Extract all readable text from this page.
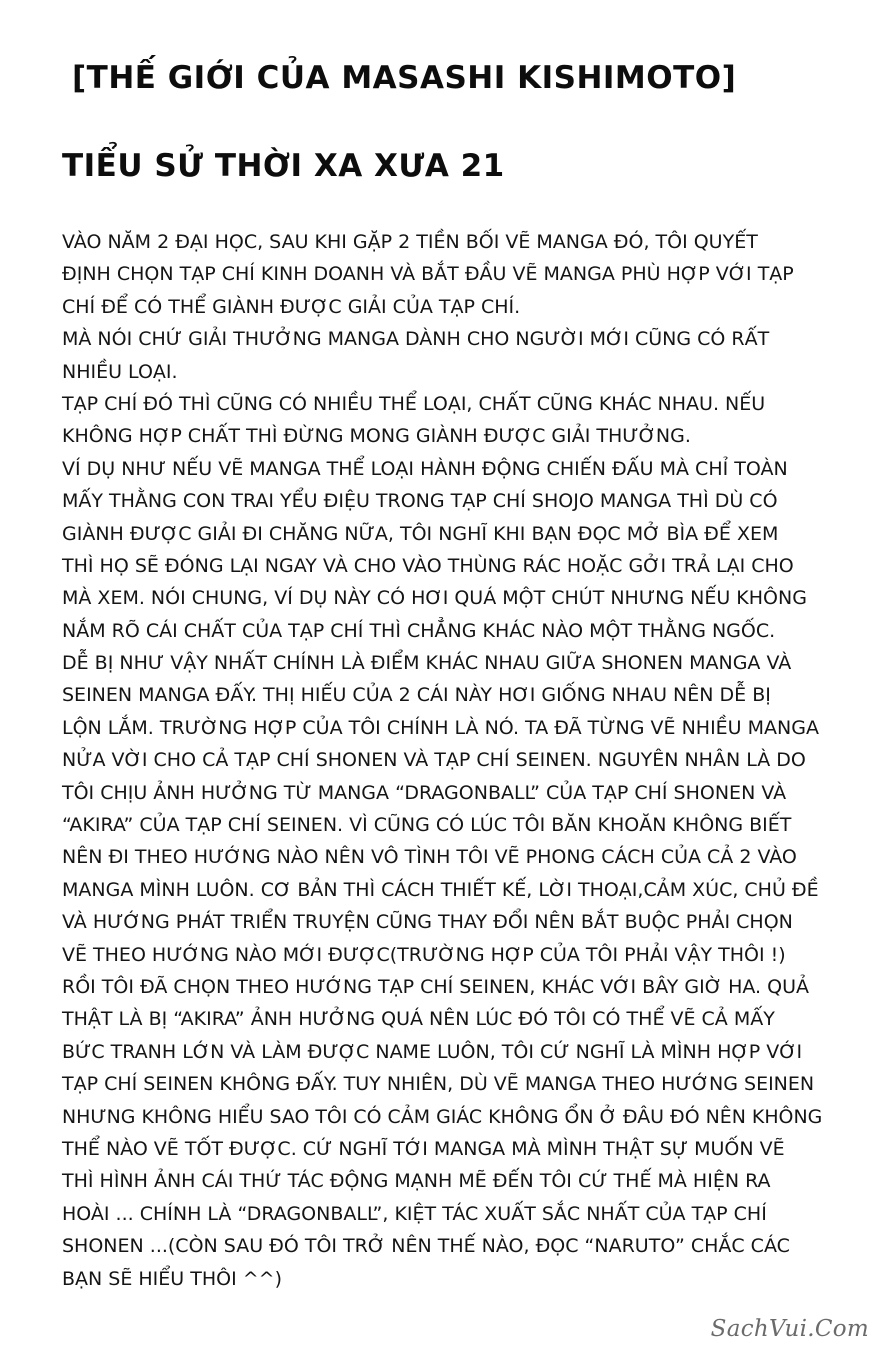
[THẾ GIỚI CỦA MASASHI KISHIMOTO]
TIỂU SỬ THỜI XA XƯA 21
VÀO NĂM 2 ĐẠI HỌC, SAU KHI GẶP 2 TIỀN BỐI VẼ MANGA ĐÓ, TÔI QUYẾT
ĐỊNH CHỌN TẠP CHÍ KINH DOANH VÀ BẮT ĐẦU VẼ MANGA PHÙ HỢP VỚI TẠP
CHÍ ĐỂ CÓ THỂ GIÀNH ĐƯỢC GIẢI CỦA TẠP CHÍ.
MÀ NÓI CHỨ GIẢI THƯỞNG MANGA DÀNH CHO NGƯỜI MỚI CŨNG CÓ RẤT
NHIỀU LOẠI.
TẠP CHÍ ĐÓ THÌ CŨNG CÓ NHIỀU THỂ LOẠI, CHẤT CŨNG KHÁC NHAU. NẾU
KHÔNG HỢP CHẤT THÌ ĐỪNG MONG GIÀNH ĐƯỢC GIẢI THƯỞNG.
VÍ DỤ NHƯ NẾU VẼ MANGA THỂ LOẠI HÀNH ĐỘNG CHIẾN ĐẤU MÀ CHỈ TOÀN
MẤY THẰNG CON TRAI YỂU ĐIỆU TRONG TẠP CHÍ SHOJO MANGA THÌ DÙ CÓ
GIÀNH ĐƯỢC GIẢI ĐI CHĂNG NỮA, TÔI NGHĨ KHI BẠN ĐỌC MỞ BÌA ĐỂ XEM
THÌ HỌ SẼ ĐÓNG LẠI NGAY VÀ CHO VÀO THÙNG RÁC HOẶC GỞI TRẢ LẠI CHO
MÀ XEM. NÓI CHUNG, VÍ DỤ NÀY CÓ HƠI QUÁ MỘT CHÚT NHƯNG NẾU KHÔNG
NẮM RÕ CÁI CHẤT CỦA TẠP CHÍ THÌ CHẲNG KHÁC NÀO MỘT THẰNG NGỐC.
DỄ BỊ NHƯ VẬY NHẤT CHÍNH LÀ ĐIỂM KHÁC NHAU GIỮA SHONEN MANGA VÀ
SEINEN MANGA ĐẤY. THỊ HIẾU CỦA 2 CÁI NÀY HƠI GIỐNG NHAU NÊN DỄ BỊ
LỘN LẮM. TRƯỜNG HỢP CỦA TÔI CHÍNH LÀ NÓ. TA ĐÃ TỪNG VẼ NHIỀU MANGA
NỬA VỜI CHO CẢ TẠP CHÍ SHONEN VÀ TẠP CHÍ SEINEN. NGUYÊN NHÂN LÀ DO
TÔI CHỊU ẢNH HƯỞNG TỪ MANGA “DRAGONBALL” CỦA TẠP CHÍ SHONEN VÀ
“AKIRA” CỦA TẠP CHÍ SEINEN. VÌ CŨNG CÓ LÚC TÔI BĂN KHOĂN KHÔNG BIẾT
NÊN ĐI THEO HƯỚNG NÀO NÊN VÔ TÌNH TÔI VẼ PHONG CÁCH CỦA CẢ 2 VÀO
MANGA MÌNH LUÔN. CƠ BẢN THÌ CÁCH THIẾT KẾ, LỜI THOẠI,CẢM XÚC, CHỦ ĐỀ
VÀ HƯỚNG PHÁT TRIỂN TRUYỆN CŨNG THAY ĐỔI NÊN BẮT BUỘC PHẢI CHỌN
VẼ THEO HƯỚNG NÀO MỚI ĐƯỢC(TRƯỜNG HỢP CỦA TÔI PHẢI VẬY THÔI !)
RỒI TÔI ĐÃ CHỌN THEO HƯỚNG TẠP CHÍ SEINEN, KHÁC VỚI BÂY GIỜ HA. QUẢ
THẬT LÀ BỊ “AKIRA” ẢNH HƯỞNG QUÁ NÊN LÚC ĐÓ TÔI CÓ THỂ VẼ CẢ MẤY
BỨC TRANH LỚN VÀ LÀM ĐƯỢC NAME LUÔN, TÔI CỨ NGHĨ LÀ MÌNH HỢP VỚI
TẠP CHÍ SEINEN KHÔNG ĐẤY. TUY NHIÊN, DÙ VẼ MANGA THEO HƯỚNG SEINEN
NHƯNG KHÔNG HIỂU SAO TÔI CÓ CẢM GIÁC KHÔNG ỔN Ở ĐÂU ĐÓ NÊN KHÔNG
THỂ NÀO VẼ TỐT ĐƯỢC. CỨ NGHĨ TỚI MANGA MÀ MÌNH THẬT SỰ MUỐN VẼ
THÌ HÌNH ẢNH CÁI THỨ TÁC ĐỘNG MẠNH MẼ ĐẾN TÔI CỨ THẾ MÀ HIỆN RA
HOÀI ... CHÍNH LÀ “DRAGONBALL”, KIỆT TÁC XUẤT SẮC NHẤT CỦA TẠP CHÍ
SHONEN ...(CÒN SAU ĐÓ TÔI TRỞ NÊN THẾ NÀO, ĐỌC “NARUTO” CHẮC CÁC
BẠN SẼ HIỂU THÔI ^^)
SachVui.Com
